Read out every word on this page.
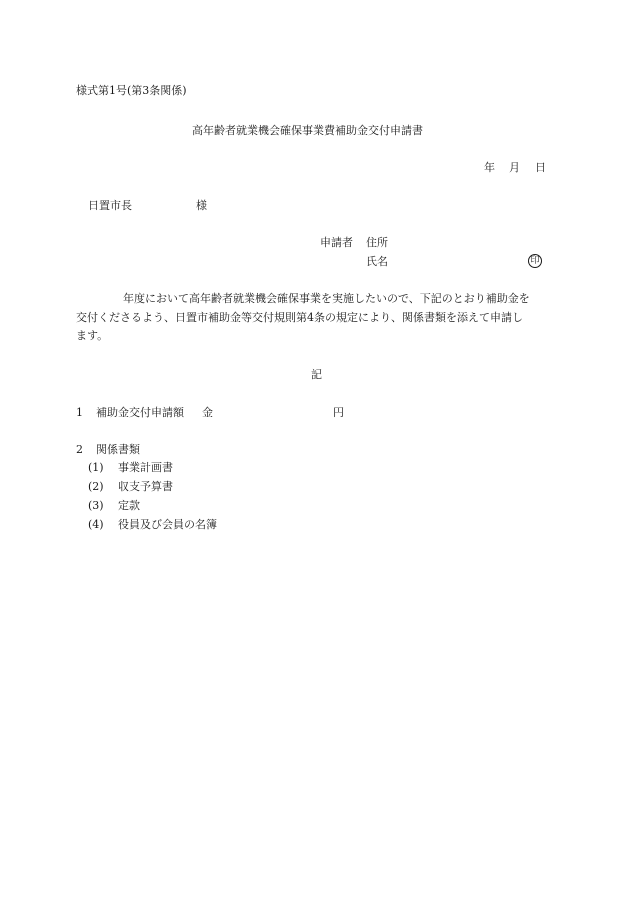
様式第1号(第3条関係)
高年齢者就業機会確保事業費補助金交付申請書
年 月 日
日置市長	様
申請者 住所
氏名	印
年度において高年齢者就業機会確保事業を実施したいので、下記のとおり補助金を
交付くださるよう、日置市補助金等交付規則第4条の規定により、関係書類を添えて申請し
ます。
記
1 補助金交付申請額 金	円
2 関係書類
(1) 事業計画書
(2) 収支予算書
(3) 定款
(4) 役員及び会員の名簿
